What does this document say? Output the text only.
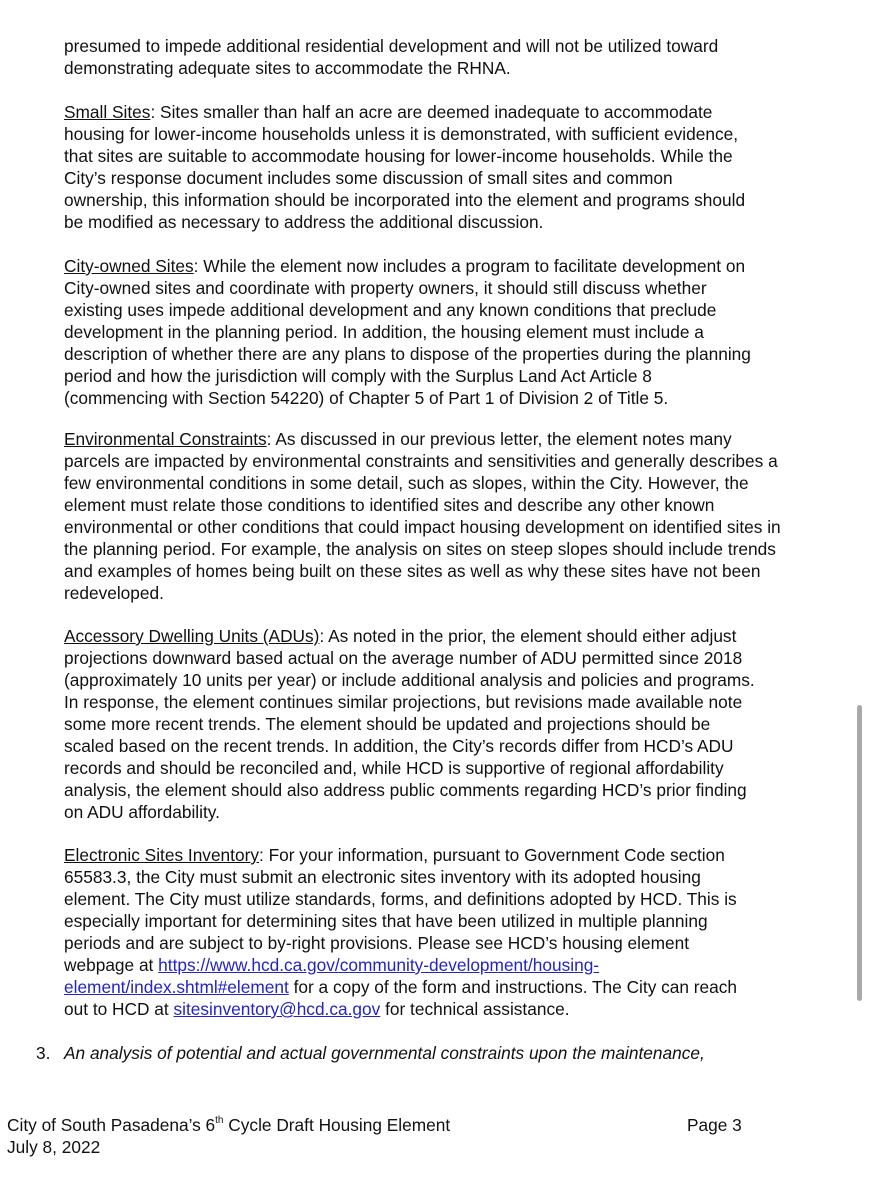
presumed to impede additional residential development and will not be utilized toward
demonstrating adequate sites to accommodate the RHNA.

Small Sites: Sites smaller than half an acre are deemed inadequate to accommodate
housing for lower-income households unless it is demonstrated, with sufficient evidence,
that sites are suitable to accommodate housing for lower-income households. While the
City’s response document includes some discussion of small sites and common
ownership, this information should be incorporated into the element and programs should
be modified as necessary to address the additional discussion.

City-owned Sites: While the element now includes a program to facilitate development on
City-owned sites and coordinate with property owners, it should still discuss whether
existing uses impede additional development and any known conditions that preclude
development in the planning period. In addition, the housing element must include a
description of whether there are any plans to dispose of the properties during the planning
period and how the jurisdiction will comply with the Surplus Land Act Article 8
(commencing with Section 54220) of Chapter 5 of Part 1 of Division 2 of Title 5.

Environmental Constraints: As discussed in our previous letter, the element notes many
parcels are impacted by environmental constraints and sensitivities and generally describes a
few environmental conditions in some detail, such as slopes, within the City. However, the
element must relate those conditions to identified sites and describe any other known
environmental or other conditions that could impact housing development on identified sites in
the planning period. For example, the analysis on sites on steep slopes should include trends
and examples of homes being built on these sites as well as why these sites have not been
redeveloped.

Accessory Dwelling Units (ADUs): As noted in the prior, the element should either adjust
projections downward based actual on the average number of ADU permitted since 2018
(approximately 10 units per year) or include additional analysis and policies and programs.
In response, the element continues similar projections, but revisions made available note
some more recent trends. The element should be updated and projections should be
scaled based on the recent trends. In addition, the City’s records differ from HCD’s ADU
records and should be reconciled and, while HCD is supportive of regional affordability
analysis, the element should also address public comments regarding HCD’s prior finding
on ADU affordability.

Electronic Sites Inventory: For your information, pursuant to Government Code section
65583.3, the City must submit an electronic sites inventory with its adopted housing
element. The City must utilize standards, forms, and definitions adopted by HCD. This is
especially important for determining sites that have been utilized in multiple planning
periods and are subject to by-right provisions. Please see HCD’s housing element
webpage at https://www.hcd.ca.gov/community-development/housing-
element/index.shtml#element for a copy of the form and instructions. The City can reach
out to HCD at sitesinventory@hcd.ca.gov for technical assistance.

3. An analysis of potential and actual governmental constraints upon the maintenance,

City of South Pasadena’s 6th Cycle Draft Housing Element
July 8, 2022
Page 3
